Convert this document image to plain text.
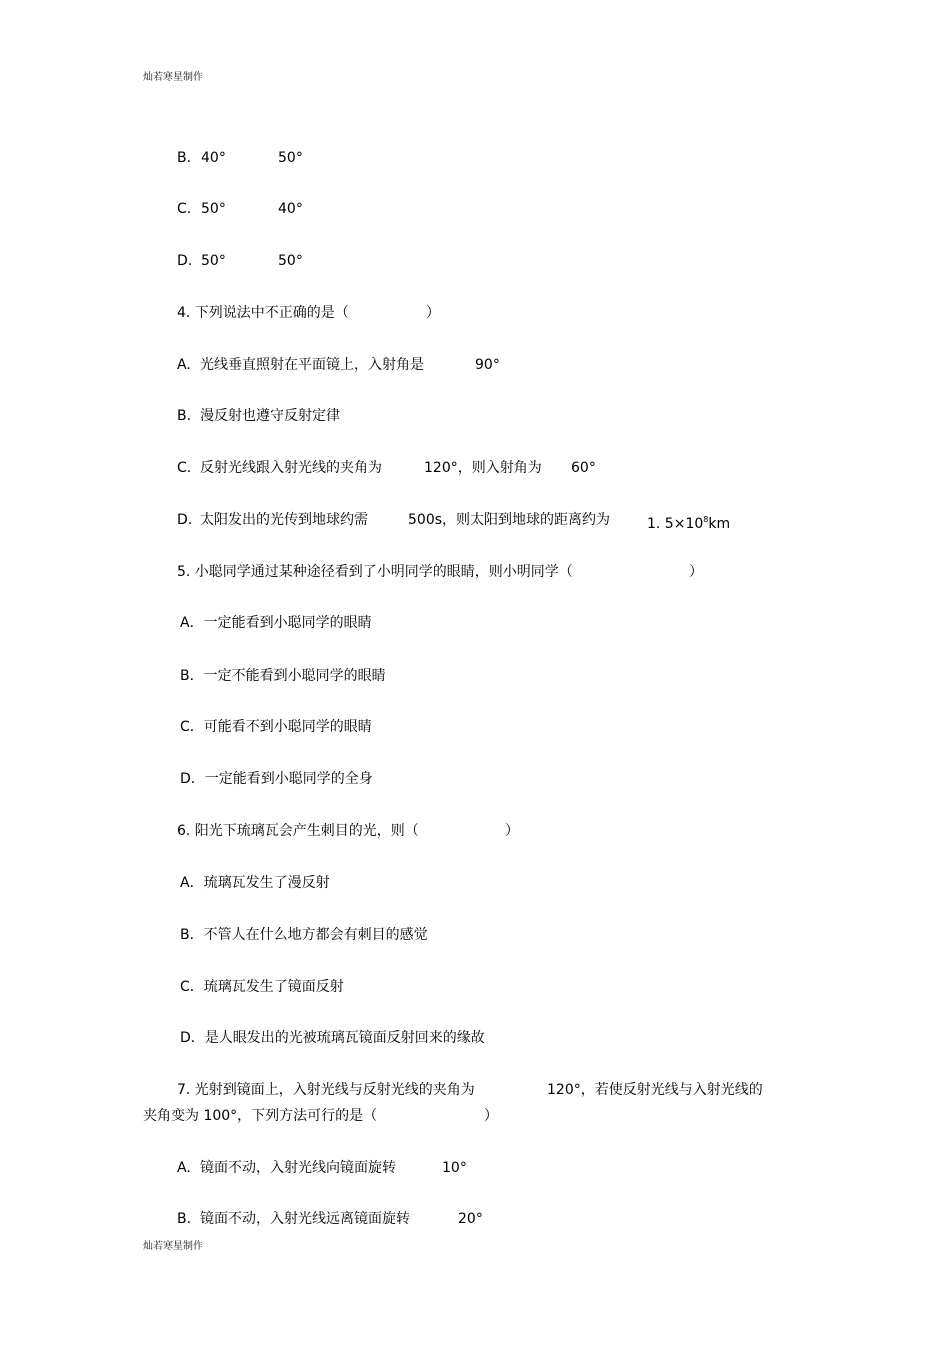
灿若寒星制作
B. 40°	50°
C. 50°	40°
D. 50°	50°
4. 下列说法中不正确的是（	）
A. 光线垂直照射在平面镜上，入射角是	90°
B. 漫反射也遵守反射定律
C. 反射光线跟入射光线的夹角为	120°，则入射角为 60°
D. 太阳发出的光传到地球约需	500s，则太阳到地球的距离约为	1. $5\times 10^8km$
5. 小聪同学通过某种途径看到了小明同学的眼睛，则小明同学（	）
A．一定能看到小聪同学的眼睛
B．一定不能看到小聪同学的眼睛
C．可能看不到小聪同学的眼睛
D．一定能看到小聪同学的全身
6. 阳光下琉璃瓦会产生刺目的光，则（	）
A．琉璃瓦发生了漫反射
B．不管人在什么地方都会有刺目的感觉
C．琉璃瓦发生了镜面反射
D．是人眼发出的光被琉璃瓦镜面反射回来的缘故
7. 光射到镜面上，入射光线与反射光线的夹角为	120°，若使反射光线与入射光线的
夹角变为 100°，下列方法可行的是（	）
A. 镜面不动，入射光线向镜面旋转	10°
B. 镜面不动，入射光线远离镜面旋转	20°
灿若寒星制作
